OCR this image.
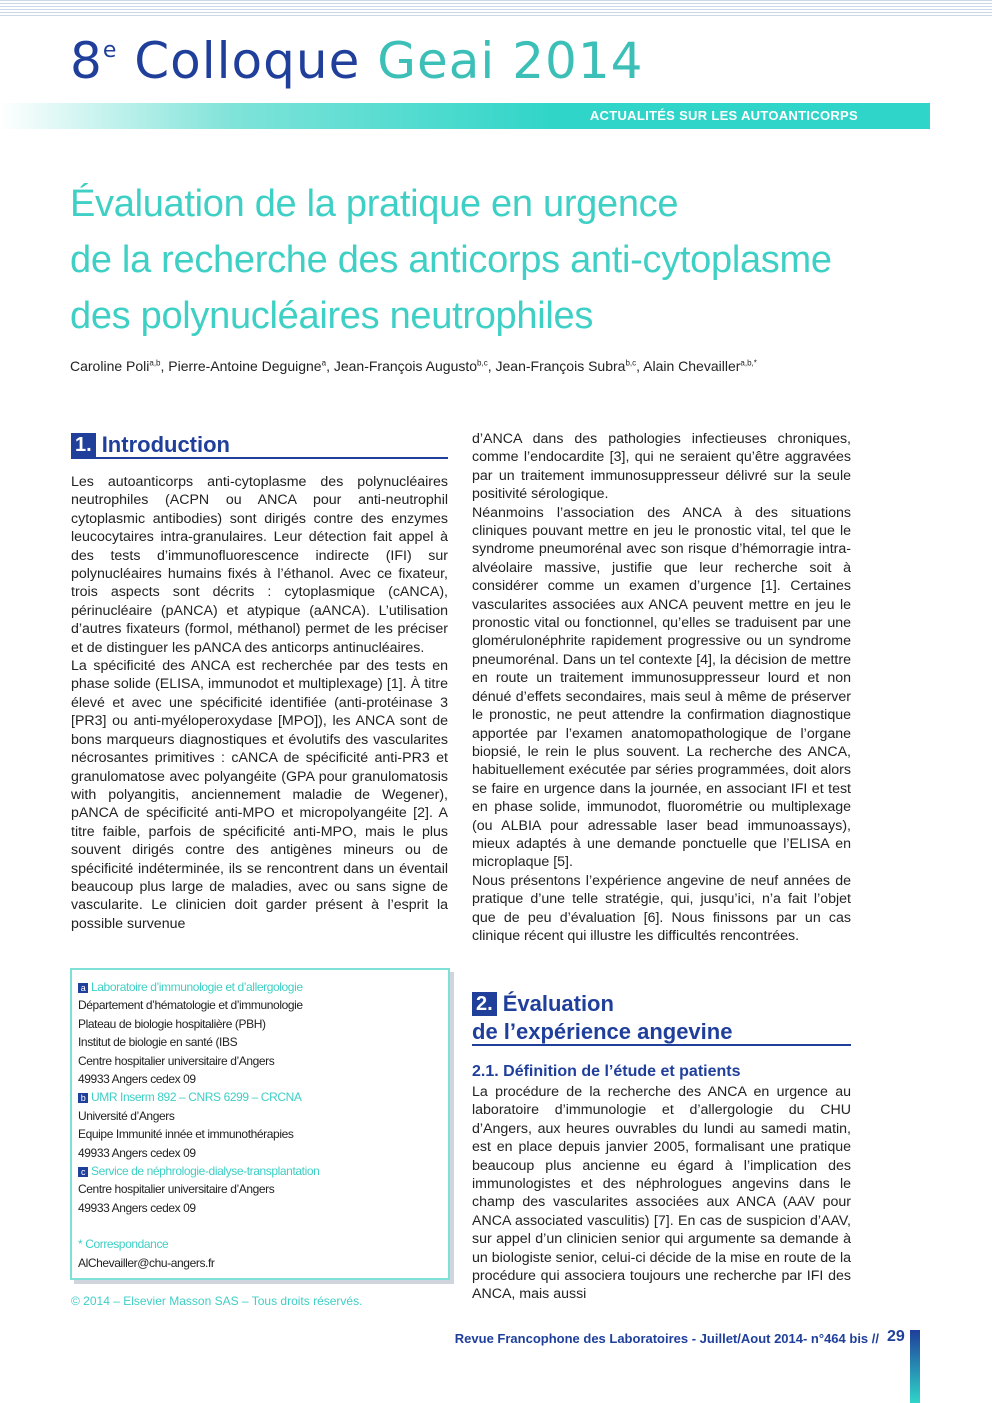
8e Colloque Geai 2014
ACTUALITÉS SUR LES AUTOANTICORPS
Évaluation de la pratique en urgence
de la recherche des anticorps anti-cytoplasme
des polynucléaires neutrophiles
Caroline Poli$^{a,b}$, Pierre-Antoine Deguigne$^a$, Jean-François Augusto$^{b,c}$, Jean-François Subra$^{b,c}$, Alain Chevailler$^{a,b,*}$
1. Introduction

Les autoanticorps anti-cytoplasme des polynucléaires neutrophiles (ACPN ou ANCA pour anti-neutrophil cytoplasmic antibodies) sont dirigés contre des enzymes leucocytaires intra-granulaires. Leur détection fait appel à des tests d’immunofluorescence indirecte (IFI) sur polynucléaires humains fixés à l’éthanol. Avec ce fixateur, trois aspects sont décrits : cytoplasmique (cANCA), périnucléaire (pANCA) et atypique (aANCA). L’utilisation d’autres fixateurs (formol, méthanol) permet de les préciser et de distinguer les pANCA des anticorps antinucléaires.

La spécificité des ANCA est recherchée par des tests en phase solide (ELISA, immunodot et multiplexage) [1]. À titre élevé et avec une spécificité identifiée (anti-protéinase 3 [PR3] ou anti-myéloperoxydase [MPO]), les ANCA sont de bons marqueurs diagnostiques et évolutifs des vascularites nécrosantes primitives : cANCA de spécificité anti-PR3 et granulomatose avec polyangéite (GPA pour granulomatosis with polyangitis, anciennement maladie de Wegener), pANCA de spécificité anti-MPO et micropolyangéite [2]. A titre faible, parfois de spécificité anti-MPO, mais le plus souvent dirigés contre des antigènes mineurs ou de spécificité indéterminée, ils se rencontrent dans un éventail beaucoup plus large de maladies, avec ou sans signe de vascularite. Le clinicien doit garder présent à l’esprit la possible survenue

d’ANCA dans des pathologies infectieuses chroniques, comme l’endocardite [3], qui ne seraient qu’être aggravées par un traitement immunosuppresseur délivré sur la seule positivité sérologique.

Néanmoins l’association des ANCA à des situations cliniques pouvant mettre en jeu le pronostic vital, tel que le syndrome pneumorénal avec son risque d’hémorragie intra-alvéolaire massive, justifie que leur recherche soit à considérer comme un examen d’urgence [1]. Certaines vascularites associées aux ANCA peuvent mettre en jeu le pronostic vital ou fonctionnel, qu’elles se traduisent par une glomérulonéphrite rapidement progressive ou un syndrome pneumorénal. Dans un tel contexte [4], la décision de mettre en route un traitement immunosuppresseur lourd et non dénué d’effets secondaires, mais seul à même de préserver le pronostic, ne peut attendre la confirmation diagnostique apportée par l’examen anatomopathologique de l’organe biopsié, le rein le plus souvent. La recherche des ANCA, habituellement exécutée par séries programmées, doit alors se faire en urgence dans la journée, en associant IFI et test en phase solide, immunodot, fluorométrie ou multiplexage (ou ALBIA pour adressable laser bead immunoassays), mieux adaptés à une demande ponctuelle que l’ELISA en microplaque [5].

Nous présentons l’expérience angevine de neuf années de pratique d’une telle stratégie, qui, jusqu’ici, n’a fait l’objet que de peu d’évaluation [6]. Nous finissons par un cas clinique récent qui illustre les difficultés rencontrées.

2. Évaluation
de l’expérience angevine
2.1. Définition de l’étude et patients

La procédure de la recherche des ANCA en urgence au laboratoire d’immunologie et d’allergologie du CHU d’Angers, aux heures ouvrables du lundi au samedi matin, est en place depuis janvier 2005, formalisant une pratique beaucoup plus ancienne eu égard à l’implication des immunologistes et des néphrologues angevins dans le champ des vascularites associées aux ANCA (AAV pour ANCA associated vasculitis) [7]. En cas de suspicion d’AAV, sur appel d’un clinicien senior qui argumente sa demande à un biologiste senior, celui-ci décide de la mise en route de la procédure qui associera toujours une recherche par IFI des ANCA, mais aussi

a Laboratoire d’immunologie et d’allergologie
Département d’hématologie et d’immunologie
Plateau de biologie hospitalière (PBH)
Institut de biologie en santé (IBS
Centre hospitalier universitaire d’Angers
49933 Angers cedex 09
b UMR Inserm 892 – CNRS 6299 – CRCNA
Université d’Angers
Equipe Immunité innée et immunothérapies
49933 Angers cedex 09
c Service de néphrologie-dialyse-transplantation
Centre hospitalier universitaire d’Angers
49933 Angers cedex 09
* Correspondance
AlChevailler@chu-angers.fr
© 2014 – Elsevier Masson SAS – Tous droits réservés.
Revue Francophone des Laboratoires - Juillet/Aout 2014- n°464 bis // 29
